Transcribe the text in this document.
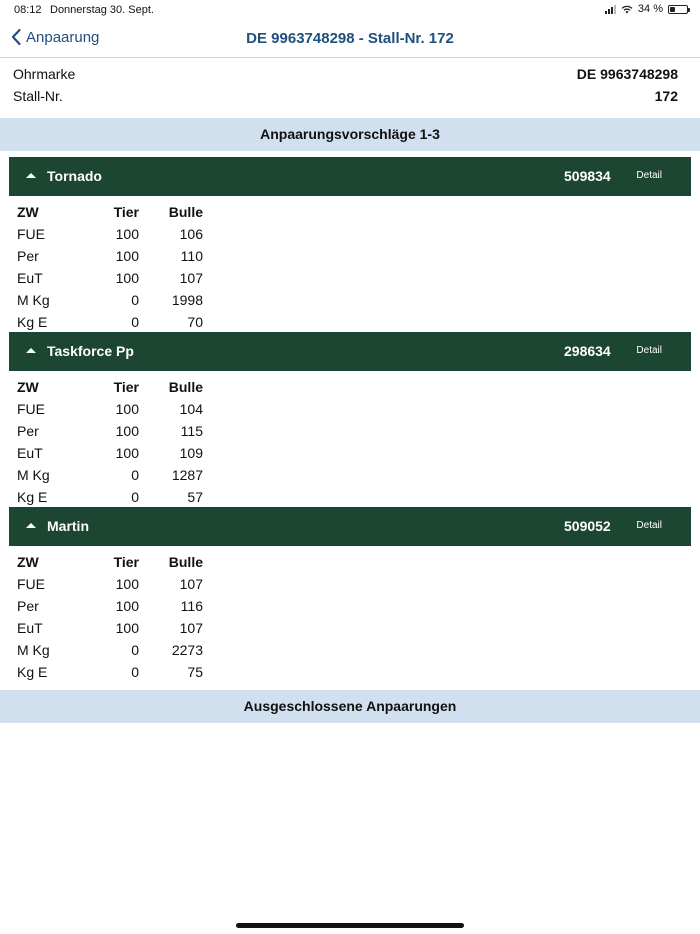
08:12 Donnerstag 30. Sept.	34 %
Anpaarung	DE 9963748298 - Stall-Nr. 172
Ohrmarke	DE 9963748298
Stall-Nr.	172
Anpaarungsvorschläge 1-3
Tornado	509834	Detail
ZW	Tier	Bulle
FUE	100	106
Per	100	110
EuT	100	107
M Kg	0	1998
Kg E	0	70
Taskforce Pp	298634	Detail
ZW	Tier	Bulle
FUE	100	104
Per	100	115
EuT	100	109
M Kg	0	1287
Kg E	0	57
Martin	509052	Detail
ZW	Tier	Bulle
FUE	100	107
Per	100	116
EuT	100	107
M Kg	0	2273
Kg E	0	75
Ausgeschlossene Anpaarungen
